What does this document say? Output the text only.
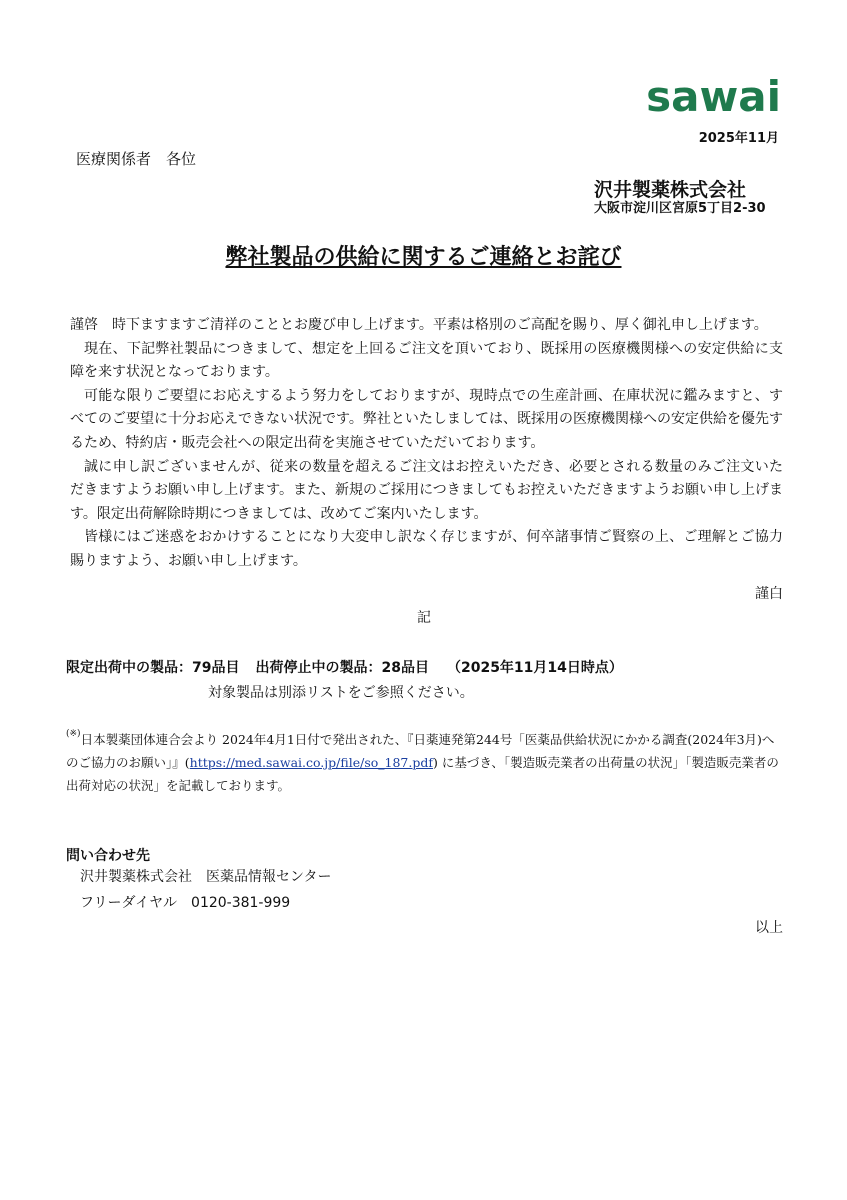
sawai
2025年11月
医療関係者　各位
沢井製薬株式会社
大阪市淀川区宮原5丁目2-30
弊社製品の供給に関するご連絡とお詫び

謹啓　時下ますますご清祥のこととお慶び申し上げます。平素は格別のご高配を賜り、厚く御礼申し上げます。

現在、下記弊社製品につきまして、想定を上回るご注文を頂いており、既採用の医療機関様への安定供給に支障を来す状況となっております。

可能な限りご要望にお応えするよう努力をしておりますが、現時点での生産計画、在庫状況に鑑みますと、すべてのご要望に十分お応えできない状況です。弊社といたしましては、既採用の医療機関様への安定供給を優先するため、特約店・販売会社への限定出荷を実施させていただいております。

誠に申し訳ございませんが、従来の数量を超えるご注文はお控えいただき、必要とされる数量のみご注文いただきますようお願い申し上げます。また、新規のご採用につきましてもお控えいただきますようお願い申し上げます。限定出荷解除時期につきましては、改めてご案内いたします。

皆様にはご迷惑をおかけすることになり大変申し訳なく存じますが、何卒諸事情ご賢察の上、ご理解とご協力賜りますよう、お願い申し上げます。

謹白
記
限定出荷中の製品：79品目 出荷停止中の製品：28品目 （2025年11月14日時点）
対象製品は別添リストをご参照ください。
(※)日本製薬団体連合会より 2024年4月1日付で発出された、『日薬連発第244号「医薬品供給状況にかかる調査(2024年3月)へのご協力のお願い」』(https://med.sawai.co.jp/file/so_187.pdf) に基づき、「製造販売業者の出荷量の状況」「製造販売業者の出荷対応の状況」を記載しております。
問い合わせ先
沢井製薬株式会社　医薬品情報センター
フリーダイヤル 0120-381-999
以上
